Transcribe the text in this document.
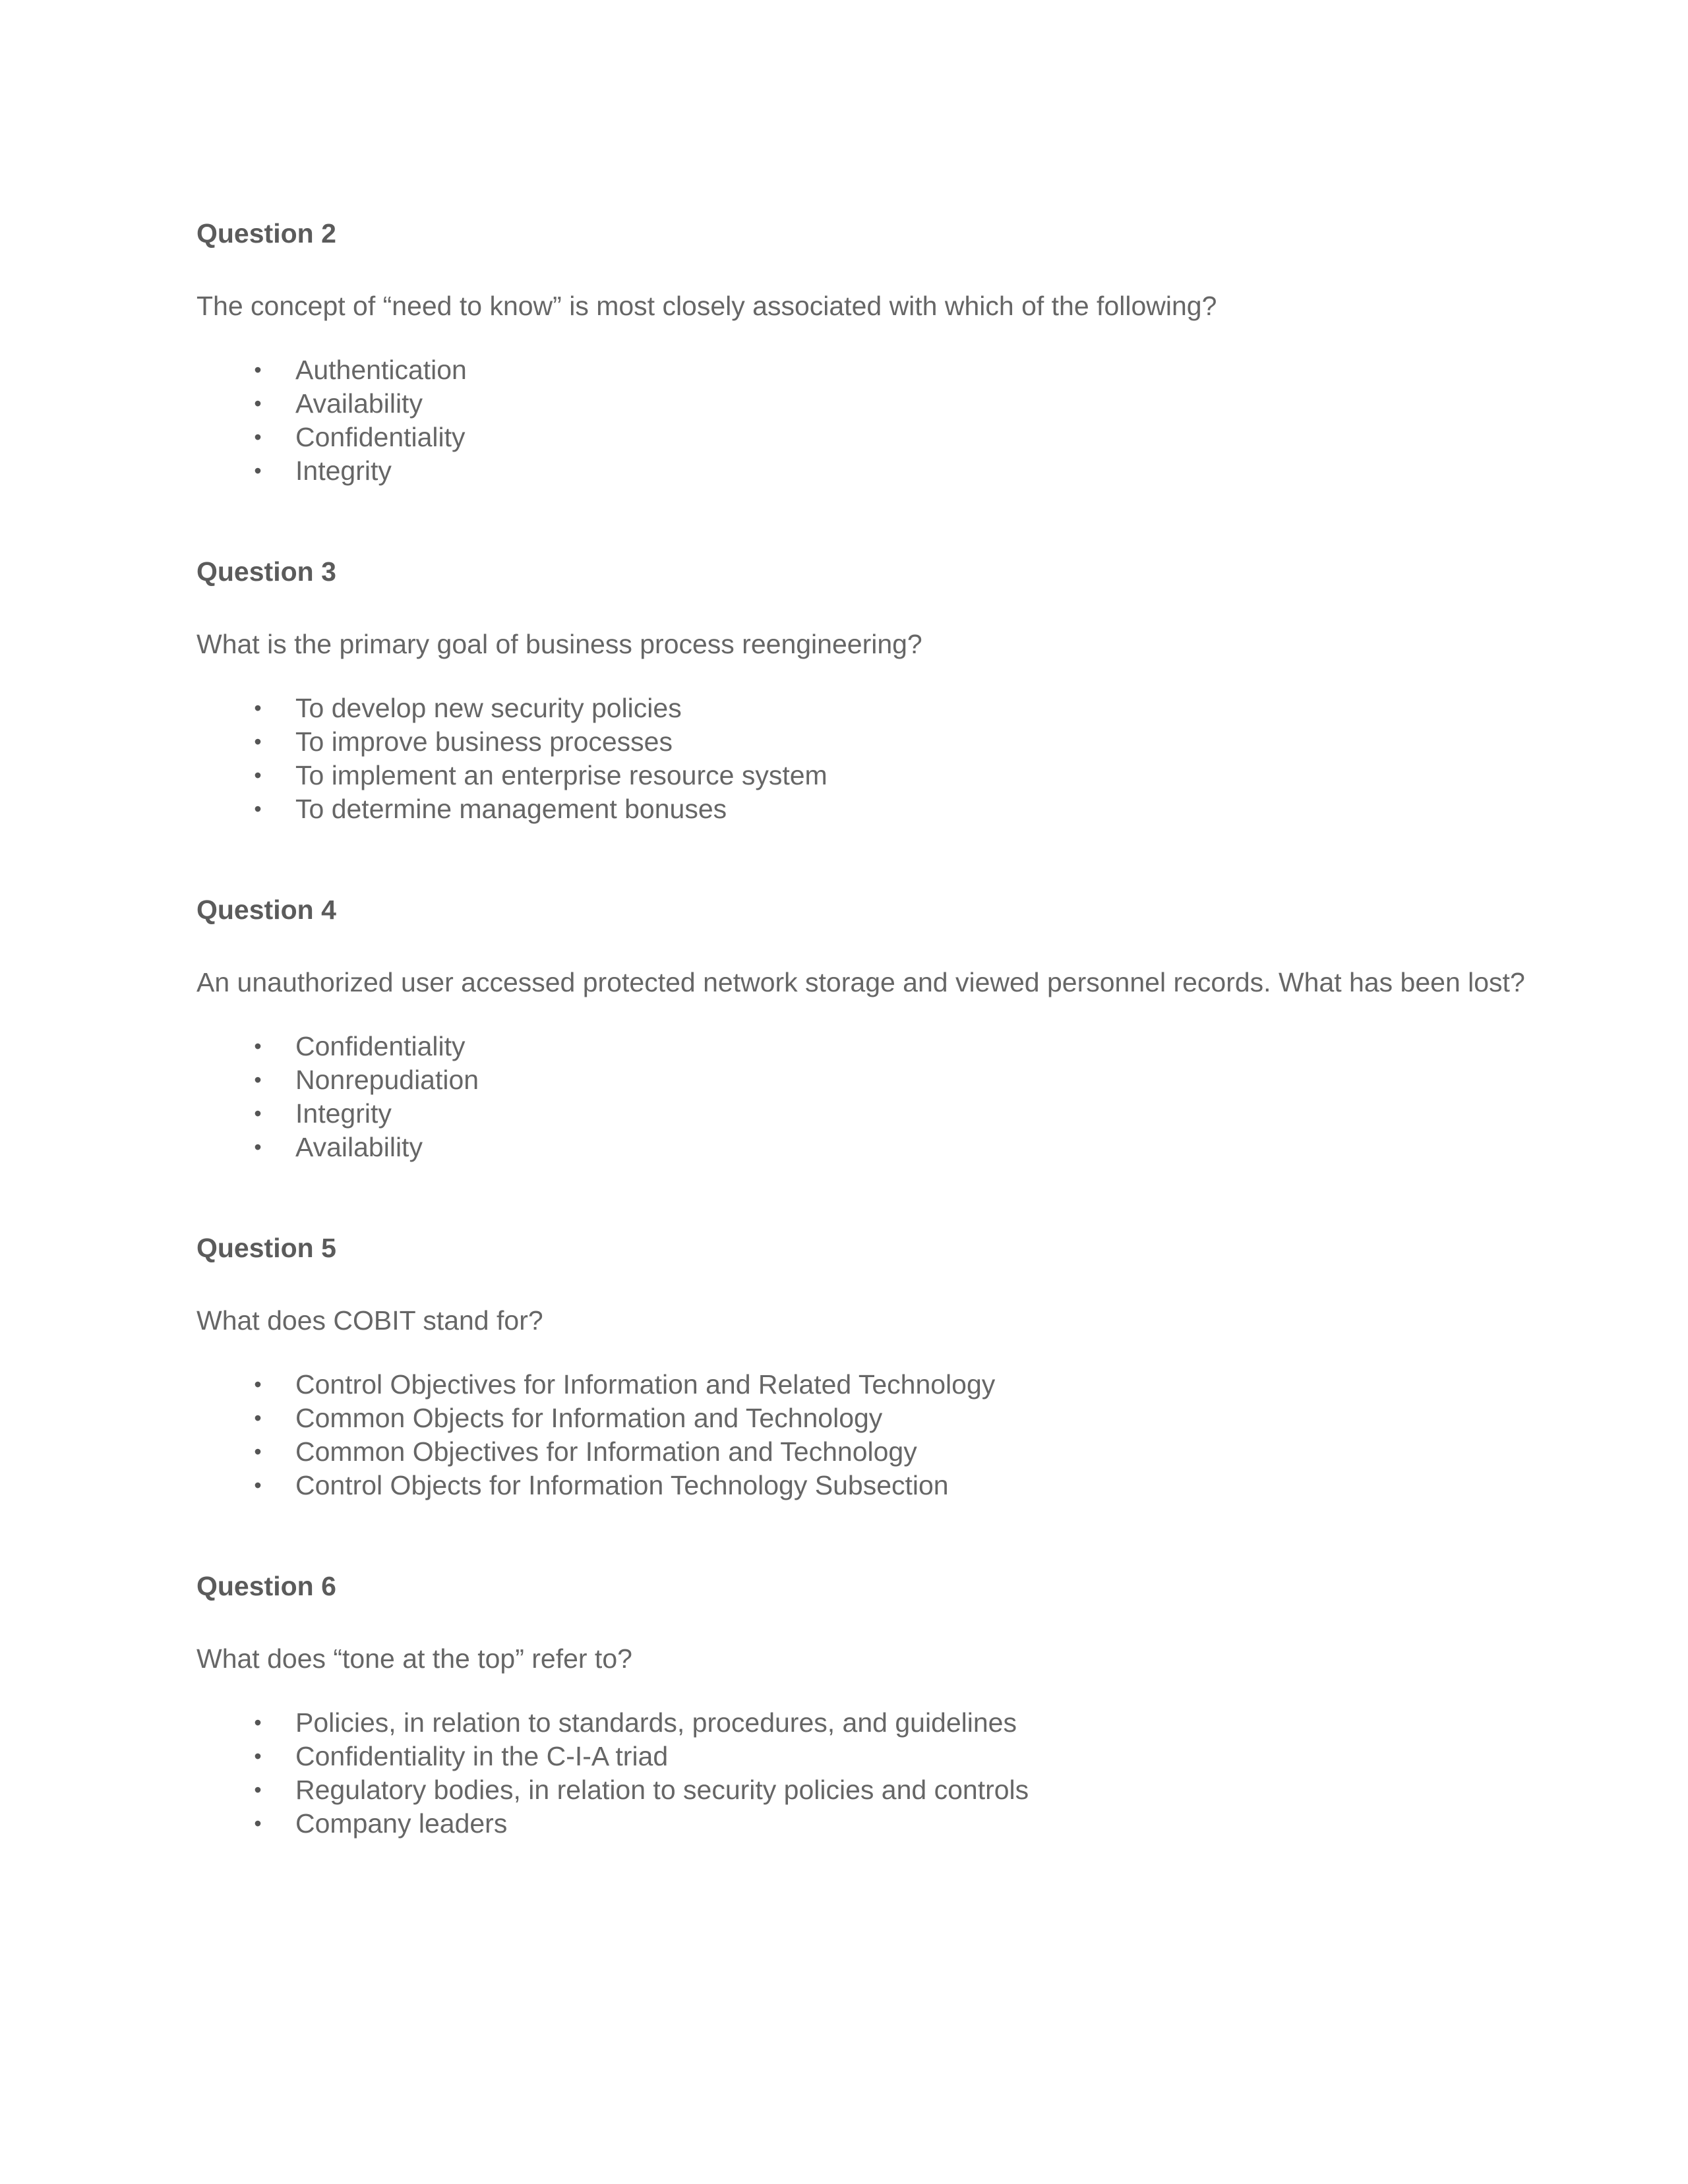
Question 2
The concept of “need to know” is most closely associated with which of the following?
• Authentication
• Availability
• Confidentiality
• Integrity
Question 3
What is the primary goal of business process reengineering?
• To develop new security policies
• To improve business processes
• To implement an enterprise resource system
• To determine management bonuses
Question 4
An unauthorized user accessed protected network storage and viewed personnel records. What has been lost?
• Confidentiality
• Nonrepudiation
• Integrity
• Availability
Question 5
What does COBIT stand for?
• Control Objectives for Information and Related Technology
• Common Objects for Information and Technology
• Common Objectives for Information and Technology
• Control Objects for Information Technology Subsection
Question 6
What does “tone at the top” refer to?
• Policies, in relation to standards, procedures, and guidelines
• Confidentiality in the C-I-A triad
• Regulatory bodies, in relation to security policies and controls
• Company leaders
